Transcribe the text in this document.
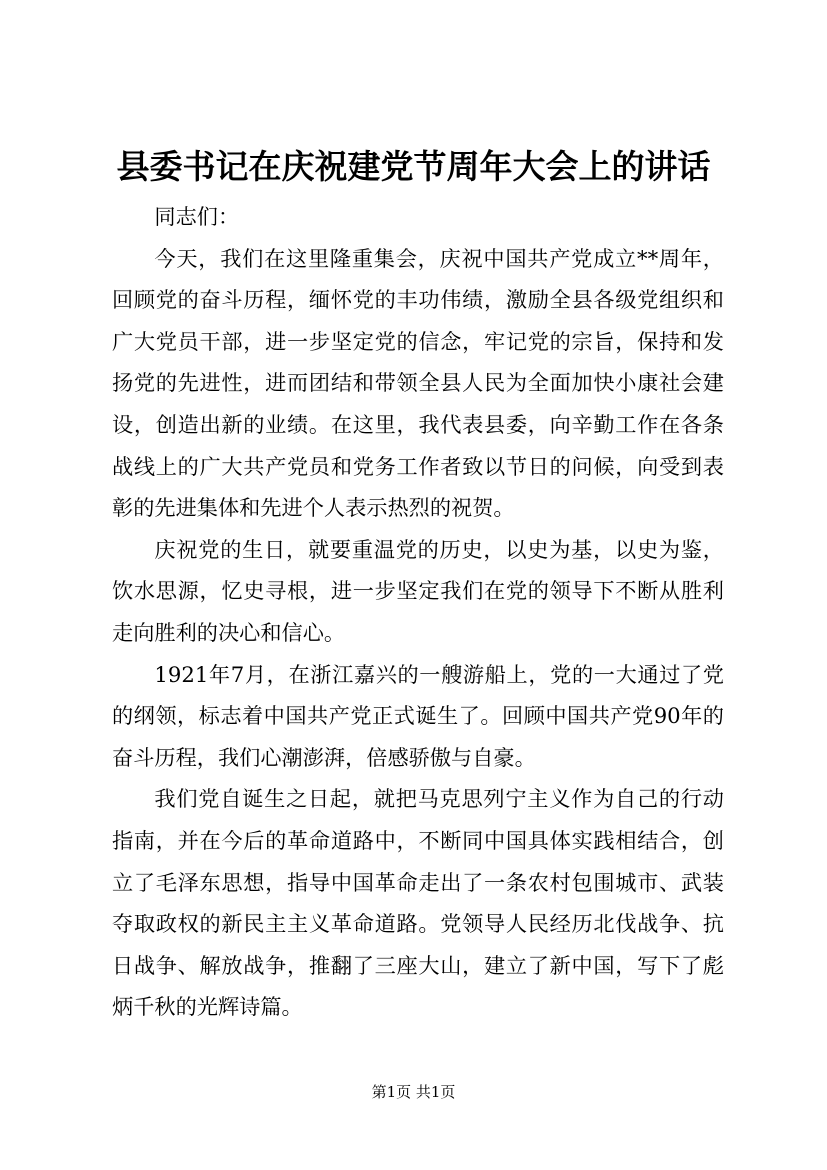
县委书记在庆祝建党节周年大会上的讲话

同志们：

今天，我们在这里隆重集会，庆祝中国共产党成立**周年，回顾党的奋斗历程，缅怀党的丰功伟绩，激励全县各级党组织和广大党员干部，进一步坚定党的信念，牢记党的宗旨，保持和发扬党的先进性，进而团结和带领全县人民为全面加快小康社会建设，创造出新的业绩。在这里，我代表县委，向辛勤工作在各条战线上的广大共产党员和党务工作者致以节日的问候，向受到表彰的先进集体和先进个人表示热烈的祝贺。

庆祝党的生日，就要重温党的历史，以史为基，以史为鉴，饮水思源，忆史寻根，进一步坚定我们在党的领导下不断从胜利走向胜利的决心和信心。

1921年7月，在浙江嘉兴的一艘游船上，党的一大通过了党的纲领，标志着中国共产党正式诞生了。回顾中国共产党90年的奋斗历程，我们心潮澎湃，倍感骄傲与自豪。

我们党自诞生之日起，就把马克思列宁主义作为自己的行动指南，并在今后的革命道路中，不断同中国具体实践相结合，创立了毛泽东思想，指导中国革命走出了一条农村包围城市、武装夺取政权的新民主主义革命道路。党领导人民经历北伐战争、抗日战争、解放战争，推翻了三座大山，建立了新中国，写下了彪炳千秋的光辉诗篇。

第1页 共1页
